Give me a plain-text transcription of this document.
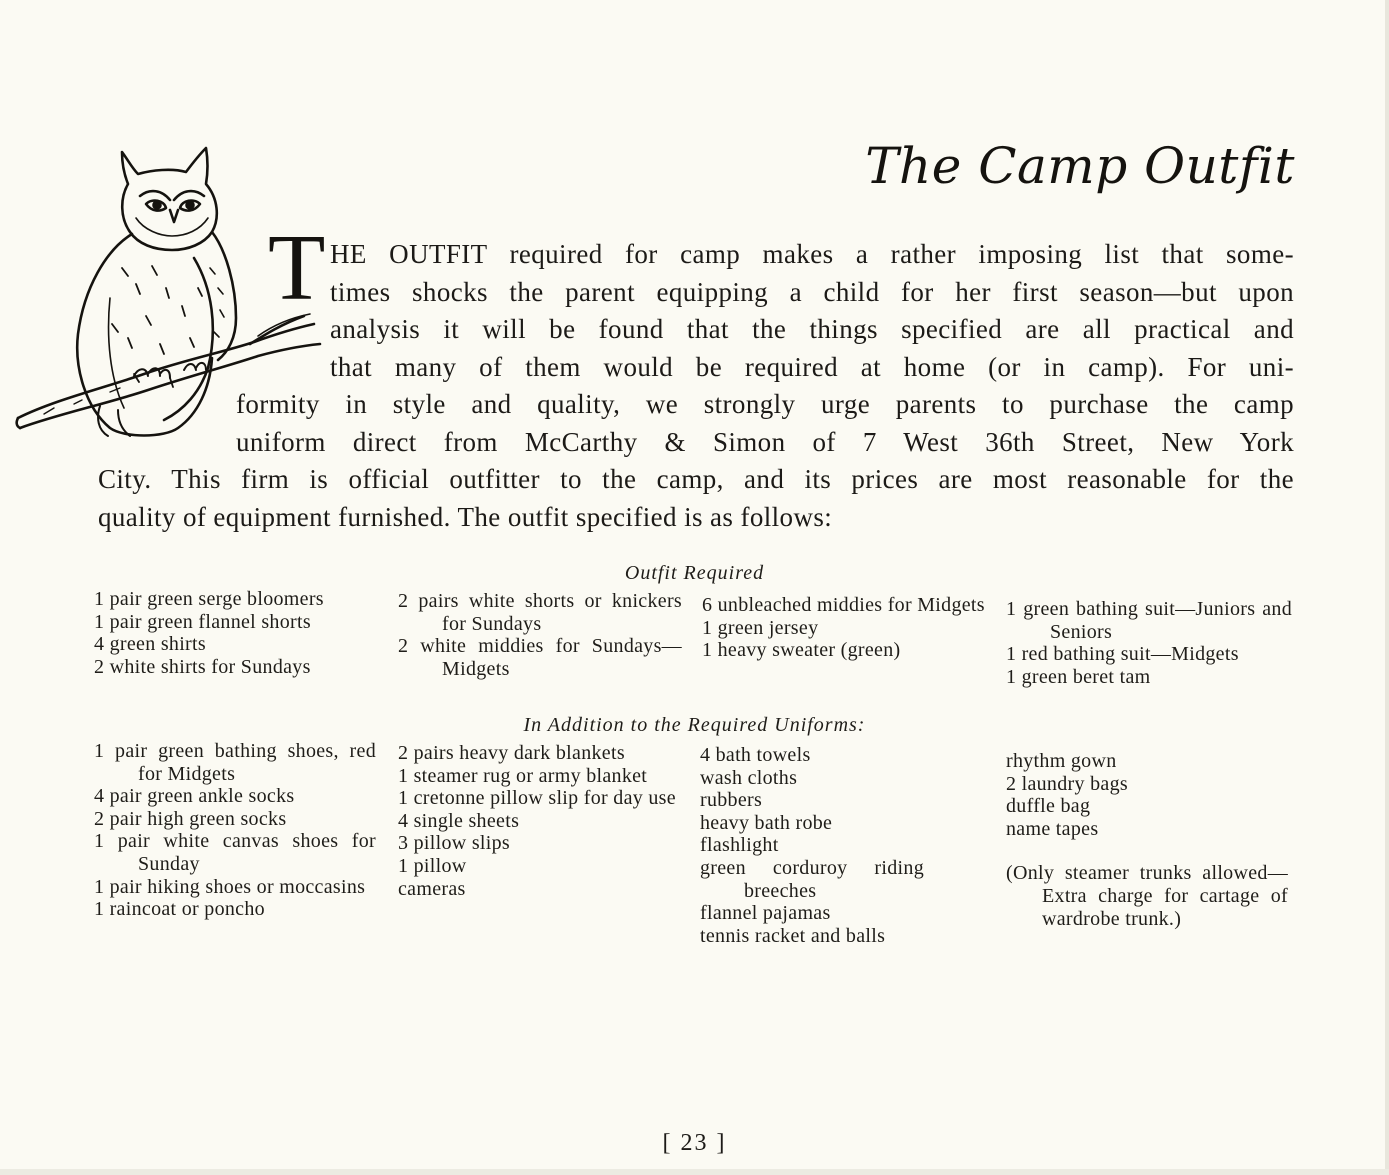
The Camp Outfit
T HE OUTFIT required for camp makes a rather imposing list that some-
times shocks the parent equipping a child for her first season—but upon
analysis it will be found that the things specified are all practical and
that many of them would be required at home (or in camp). For uni-
formity in style and quality, we strongly urge parents to purchase the camp
uniform direct from McCarthy & Simon of 7 West 36th Street, New York
City. This firm is official outfitter to the camp, and its prices are most reasonable for the
quality of equipment furnished. The outfit specified is as follows:

Outfit Required
1 pair green serge bloomers
1 pair green flannel shorts
4 green shirts
2 white shirts for Sundays
2 pairs white shorts or knickers for Sundays
2 white middies for Sundays—Midgets
6 unbleached middies for Midgets
1 green jersey
1 heavy sweater (green)
1 green bathing suit—Juniors and Seniors
1 red bathing suit—Midgets
1 green beret tam
In Addition to the Required Uniforms:
1 pair green bathing shoes, red for Midgets
4 pair green ankle socks
2 pair high green socks
1 pair white canvas shoes for Sunday
1 pair hiking shoes or moccasins
1 raincoat or poncho
2 pairs heavy dark blankets
1 steamer rug or army blanket
1 cretonne pillow slip for day use
4 single sheets
3 pillow slips
1 pillow
cameras
4 bath towels
wash cloths
rubbers
heavy bath robe
flashlight
green corduroy riding breeches
flannel pajamas
tennis racket and balls
rhythm gown
2 laundry bags
duffle bag
name tapes
(Only steamer trunks allowed—Extra charge for cartage of wardrobe trunk.)
[ 23 ]
